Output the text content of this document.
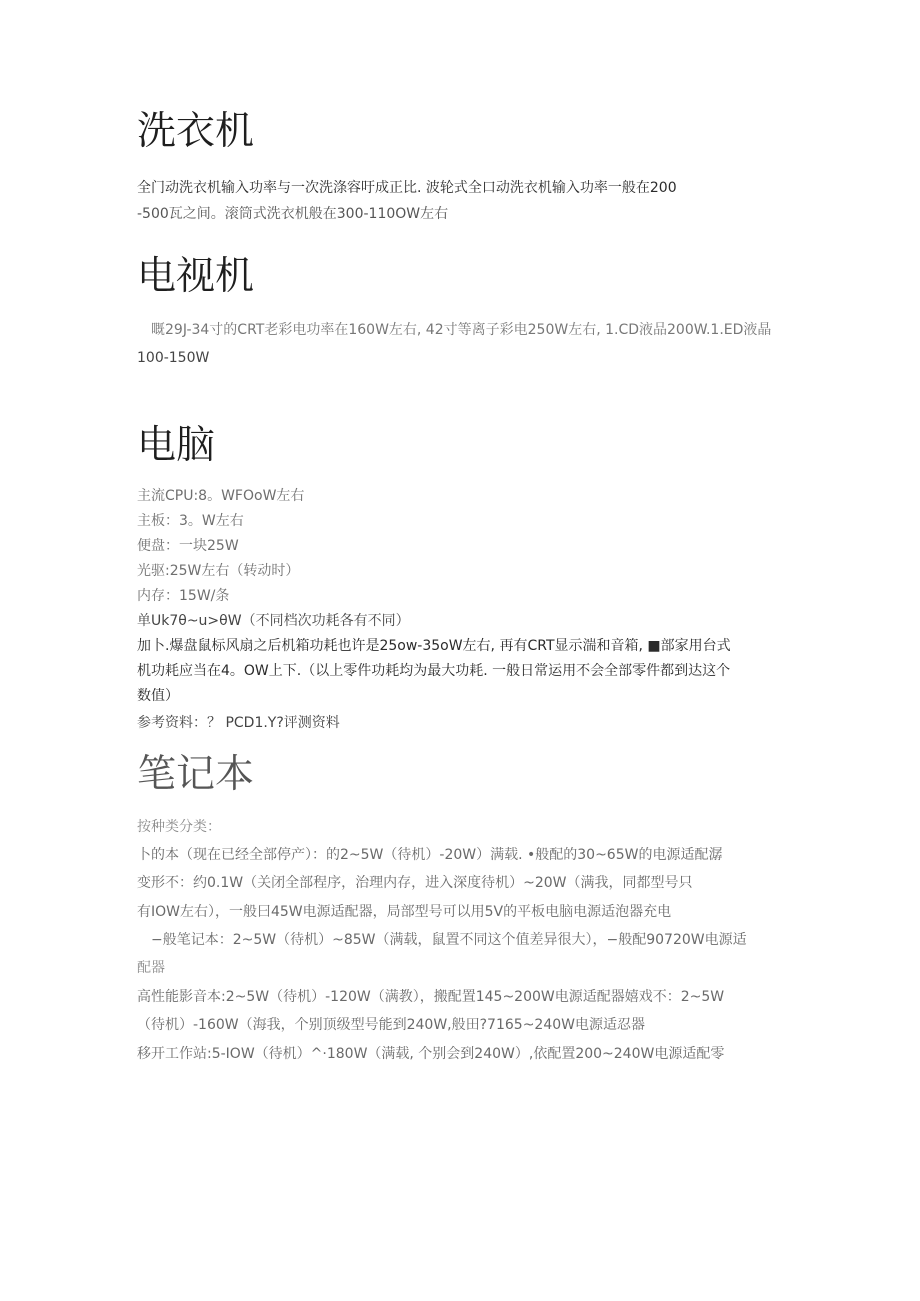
洗衣机

全门动洗衣机输入功率与一次洗涤容吁成正比. 波轮式全口动洗衣机输入功率一般在200

-500瓦之间。滚筒式洗衣机般在300-110OW左右

电视机

 嘅29J-34寸的CRT老彩电功率在160W左右, 42寸等离子彩电250W左右, 1.CD液品200W.1.ED液晶

100-150W

电脑

主流CPU:8。WFOoW左右

主板：3。W左右

便盘：一块25W

光驱:25W左右（转动时）

内存：15W/条

单Uk7θ~u>θW（不同档次功耗各有不同）

加卜.爆盘鼠标风扇之后机箱功耗也许是25ow-35oW左右, 再有CRT显示湍和音箱, ■部家用台式

机功耗应当在4。OW上下.（以上零件功耗均为最大功耗. 一般日常运用不会全部零件都到达这个

数值）

参考资料：？ PCD1.Y?评测资料

笔记本

按种类分类：

卜的本（现在已经全部停产）：的2~5W（待机）-20W）满载. •般配的30~65W的电源适配潺

变形不：约0.1W（关闭全部程序，治理内存，进入深度待机）~20W（满我，同都型号只

有IOW左右），一般曰45W电源适配器，局部型号可以用5V的平板电脑电源适泡器充电

 −般笔记本：2~5W（待机）~85W（满载，鼠置不同这个值差异很大），−般配90720W电源适

配器

高性能影音本:2~5W（待机）-120W（满教），搬配置145~200W电源适配器嬉戏不：2~5W

（待机）-160W（海我，个别顶级型号能到240W,般田?7165~240W电源适忍器

移开工作站:5-IOW（待机）^·180W（满载, 个别会到240W）,依配置200~240W电源适配零
